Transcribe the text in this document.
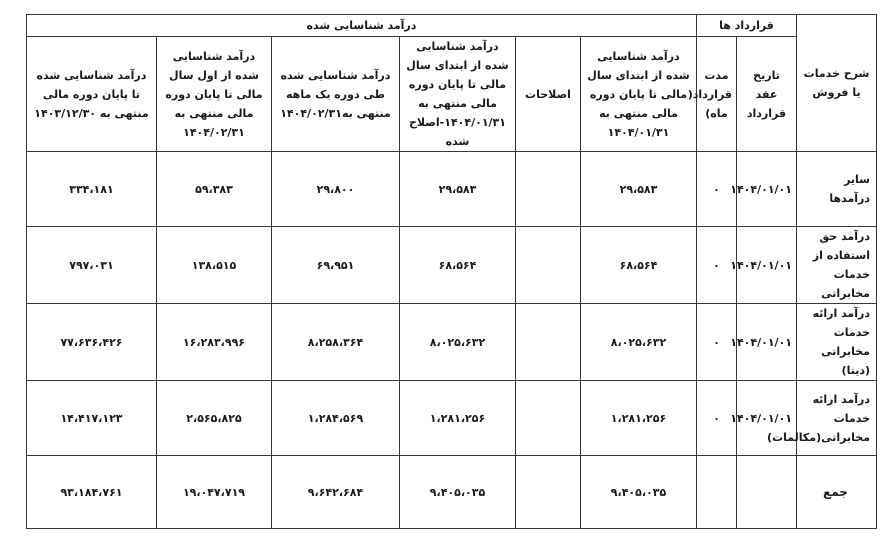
شرح خدمات یا فروش	قرارداد ها		درآمد شناسایی شده					
	تاریخ عقد قرارداد	مدت قرارداد( ماه)	درآمد شناسایی شده از ابتدای سال مالی تا پایان دوره مالی منتهی به ۱۴۰۴/۰۱/۳۱	اصلاحات	درآمد شناسایی شده از ابتدای سال مالی تا پایان دوره مالی منتهی به ۱۴۰۴/۰۱/۳۱-اصلاح شده	درآمد شناسایی شده طی دوره یک ماهه منتهی به۱۴۰۴/۰۲/۳۱	درآمد شناسایی شده از اول سال مالی تا پایان دوره مالی منتهی به ۱۴۰۴/۰۲/۳۱	درآمد شناسایی شده تا پایان دوره مالی منتهی به ۱۴۰۳/۱۲/۳۰
سایر درآمدها	۱۴۰۴/۰۱/۰۱	۰	۲۹،۵۸۳		۲۹،۵۸۳	۲۹،۸۰۰	۵۹،۳۸۳	۳۳۴،۱۸۱
درآمد حق استفاده از خدمات مخابراتی	۱۴۰۴/۰۱/۰۱	۰	۶۸،۵۶۴		۶۸،۵۶۴	۶۹،۹۵۱	۱۳۸،۵۱۵	۷۹۷،۰۳۱
درآمد ارائه خدمات مخابراتی (دیتا)	۱۴۰۴/۰۱/۰۱	۰	۸،۰۲۵،۶۳۲		۸،۰۲۵،۶۳۲	۸،۲۵۸،۳۶۴	۱۶،۲۸۳،۹۹۶	۷۷،۶۳۶،۴۲۶
درآمد ارائه خدمات مخابراتی(مکالمات)	۱۴۰۴/۰۱/۰۱	۰	۱،۲۸۱،۲۵۶		۱،۲۸۱،۲۵۶	۱،۲۸۴،۵۶۹	۲،۵۶۵،۸۲۵	۱۴،۴۱۷،۱۲۳
جمع			۹،۴۰۵،۰۳۵		۹،۴۰۵،۰۳۵	۹،۶۴۲،۶۸۴	۱۹،۰۴۷،۷۱۹	۹۳،۱۸۴،۷۶۱
